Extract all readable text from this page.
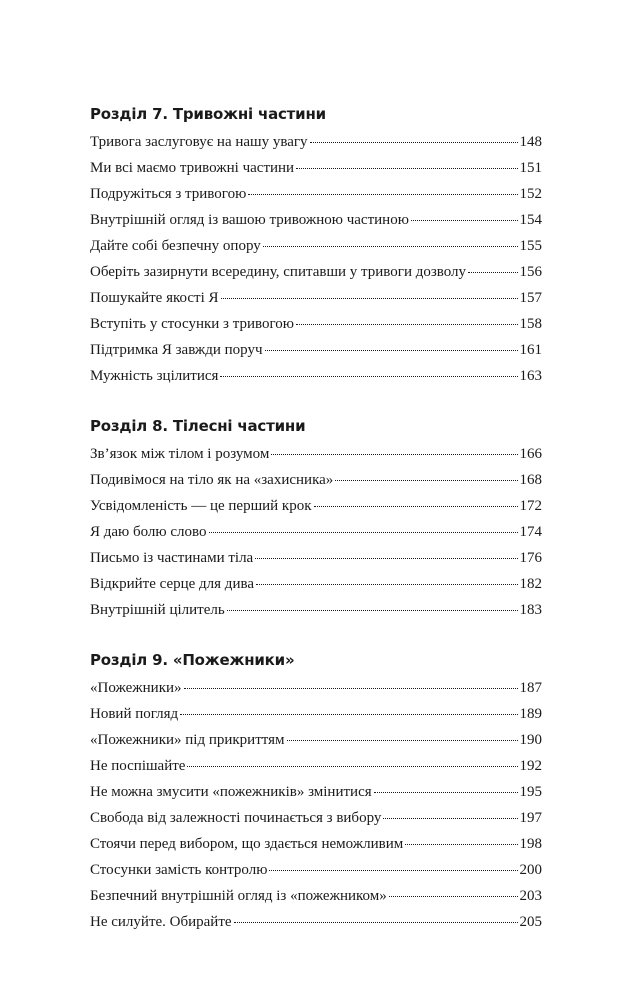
Розділ 7. Тривожні частини
Тривога заслуговує на нашу увагу	148
Ми всі маємо тривожні частини	151
Подружіться з тривогою	152
Внутрішній огляд із вашою тривожною частиною	154
Дайте собі безпечну опору	155
Оберіть зазирнути всередину, спитавши у тривоги дозволу	156
Пошукайте якості Я	157
Вступіть у стосунки з тривогою	158
Підтримка Я завжди поруч	161
Мужність зцілитися	163
Розділ 8. Тілесні частини
Зв’язок між тілом і розумом	166
Подивімося на тіло як на «захисника»	168
Усвідомленість — це перший крок	172
Я даю болю слово	174
Письмо із частинами тіла	176
Відкрийте серце для дива	182
Внутрішній цілитель	183
Розділ 9. «Пожежники»
«Пожежники»	187
Новий погляд	189
«Пожежники» під прикриттям	190
Не поспішайте	192
Не можна змусити «пожежників» змінитися	195
Свобода від залежності починається з вибору	197
Стоячи перед вибором, що здається неможливим	198
Стосунки замість контролю	200
Безпечний внутрішній огляд із «пожежником»	203
Не силуйте. Обирайте	205
